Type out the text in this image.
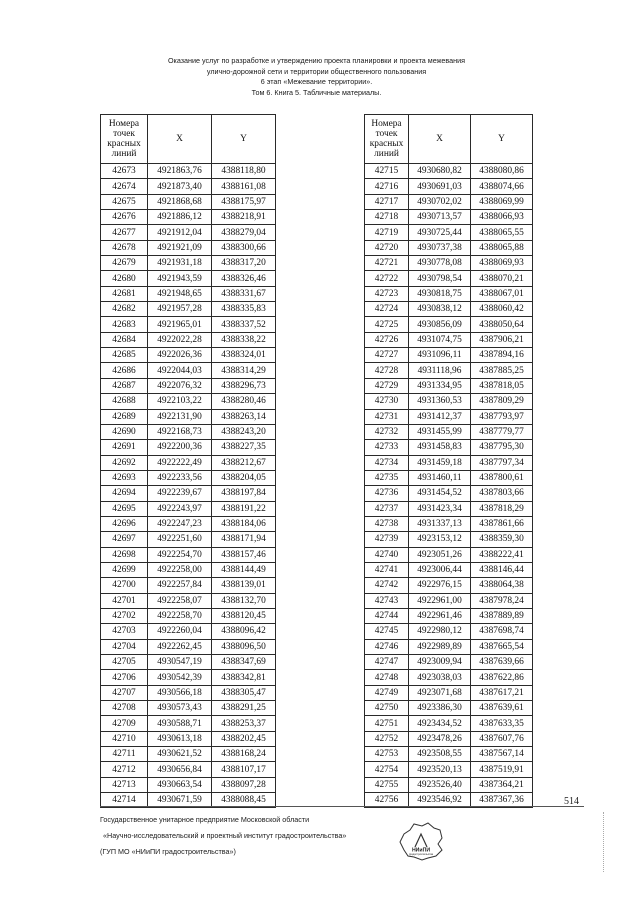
Оказание услуг по разработке и утверждению проекта планировки и проекта межевания
улично-дорожной сети и территории общественного пользования
6 этап «Межевание территории».
Том 6. Книга 5. Табличные материалы.
Номера
точек
красных
линий	X	Y
42673	4921863,76	4388118,80
42674	4921873,40	4388161,08
42675	4921868,68	4388175,97
42676	4921886,12	4388218,91
42677	4921912,04	4388279,04
42678	4921921,09	4388300,66
42679	4921931,18	4388317,20
42680	4921943,59	4388326,46
42681	4921948,65	4388331,67
42682	4921957,28	4388335,83
42683	4921965,01	4388337,52
42684	4922022,28	4388338,22
42685	4922026,36	4388324,01
42686	4922044,03	4388314,29
42687	4922076,32	4388296,73
42688	4922103,22	4388280,46
42689	4922131,90	4388263,14
42690	4922168,73	4388243,20
42691	4922200,36	4388227,35
42692	4922222,49	4388212,67
42693	4922233,56	4388204,05
42694	4922239,67	4388197,84
42695	4922243,97	4388191,22
42696	4922247,23	4388184,06
42697	4922251,60	4388171,94
42698	4922254,70	4388157,46
42699	4922258,00	4388144,49
42700	4922257,84	4388139,01
42701	4922258,07	4388132,70
42702	4922258,70	4388120,45
42703	4922260,04	4388096,42
42704	4922262,45	4388096,50
42705	4930547,19	4388347,69
42706	4930542,39	4388342,81
42707	4930566,18	4388305,47
42708	4930573,43	4388291,25
42709	4930588,71	4388253,37
42710	4930613,18	4388202,45
42711	4930621,52	4388168,24
42712	4930656,84	4388107,17
42713	4930663,54	4388097,28
42714	4930671,59	4388088,45
Номера
точек
красных
линий	X	Y
42715	4930680,82	4388080,86
42716	4930691,03	4388074,66
42717	4930702,02	4388069,99
42718	4930713,57	4388066,93
42719	4930725,44	4388065,55
42720	4930737,38	4388065,88
42721	4930778,08	4388069,93
42722	4930798,54	4388070,21
42723	4930818,75	4388067,01
42724	4930838,12	4388060,42
42725	4930856,09	4388050,64
42726	4931074,75	4387906,21
42727	4931096,11	4387894,16
42728	4931118,96	4387885,25
42729	4931334,95	4387818,05
42730	4931360,53	4387809,29
42731	4931412,37	4387793,97
42732	4931455,99	4387779,77
42733	4931458,83	4387795,30
42734	4931459,18	4387797,34
42735	4931460,11	4387800,61
42736	4931454,52	4387803,66
42737	4931423,34	4387818,29
42738	4931337,13	4387861,66
42739	4923153,12	4388359,30
42740	4923051,26	4388222,41
42741	4923006,44	4388146,44
42742	4922976,15	4388064,38
42743	4922961,00	4387978,24
42744	4922961,46	4387889,89
42745	4922980,12	4387698,74
42746	4922989,89	4387665,54
42747	4923009,94	4387639,66
42748	4923038,03	4387622,86
42749	4923071,68	4387617,21
42750	4923386,30	4387639,61
42751	4923434,52	4387633,35
42752	4923478,26	4387607,76
42753	4923508,55	4387567,14
42754	4923520,13	4387519,91
42755	4923526,40	4387364,21
42756	4923546,92	4387367,36	514
Государственное унитарное предприятие Московской области
«Научно-исследовательский и проектный институт градостроительства»
(ГУП МО «НИиПИ градостроительства»)	НИиПИ
градостроительства
